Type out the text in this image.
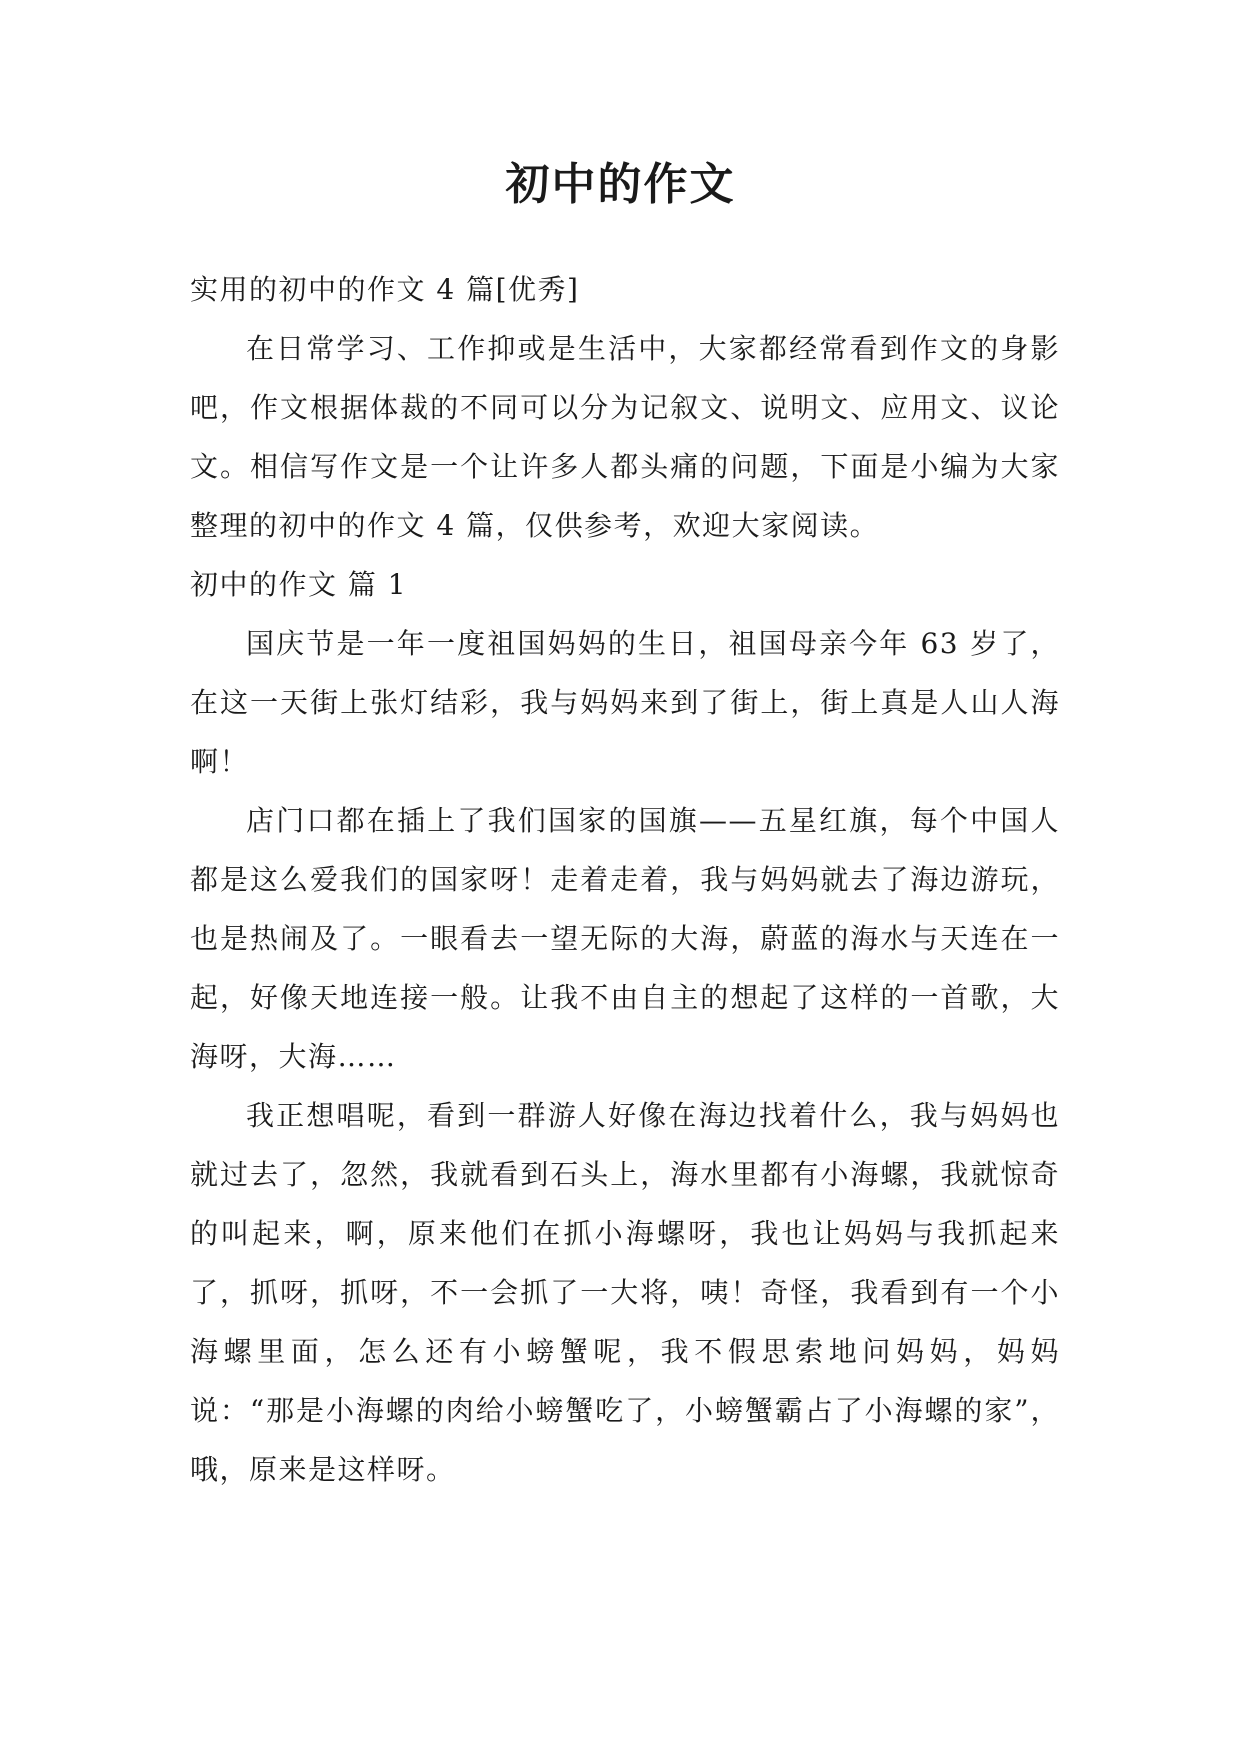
初中的作文

实用的初中的作文 4 篇[优秀]

在日常学习、工作抑或是生活中，大家都经常看到作文的身影吧，作文根据体裁的不同可以分为记叙文、说明文、应用文、议论文。相信写作文是一个让许多人都头痛的问题，下面是小编为大家整理的初中的作文 4 篇，仅供参考，欢迎大家阅读。

初中的作文 篇 1

国庆节是一年一度祖国妈妈的生日，祖国母亲今年 63 岁了，在这一天街上张灯结彩，我与妈妈来到了街上，街上真是人山人海啊！

店门口都在插上了我们国家的国旗——五星红旗，每个中国人都是这么爱我们的国家呀！走着走着，我与妈妈就去了海边游玩，也是热闹及了。一眼看去一望无际的大海，蔚蓝的海水与天连在一起，好像天地连接一般。让我不由自主的想起了这样的一首歌，大海呀，大海……

我正想唱呢，看到一群游人好像在海边找着什么，我与妈妈也就过去了，忽然，我就看到石头上，海水里都有小海螺，我就惊奇的叫起来，啊，原来他们在抓小海螺呀，我也让妈妈与我抓起来了，抓呀，抓呀，不一会抓了一大将，咦！奇怪，我看到有一个小海螺里面，怎么还有小螃蟹呢，我不假思索地问妈妈，妈妈说：“那是小海螺的肉给小螃蟹吃了，小螃蟹霸占了小海螺的家”，哦，原来是这样呀。
